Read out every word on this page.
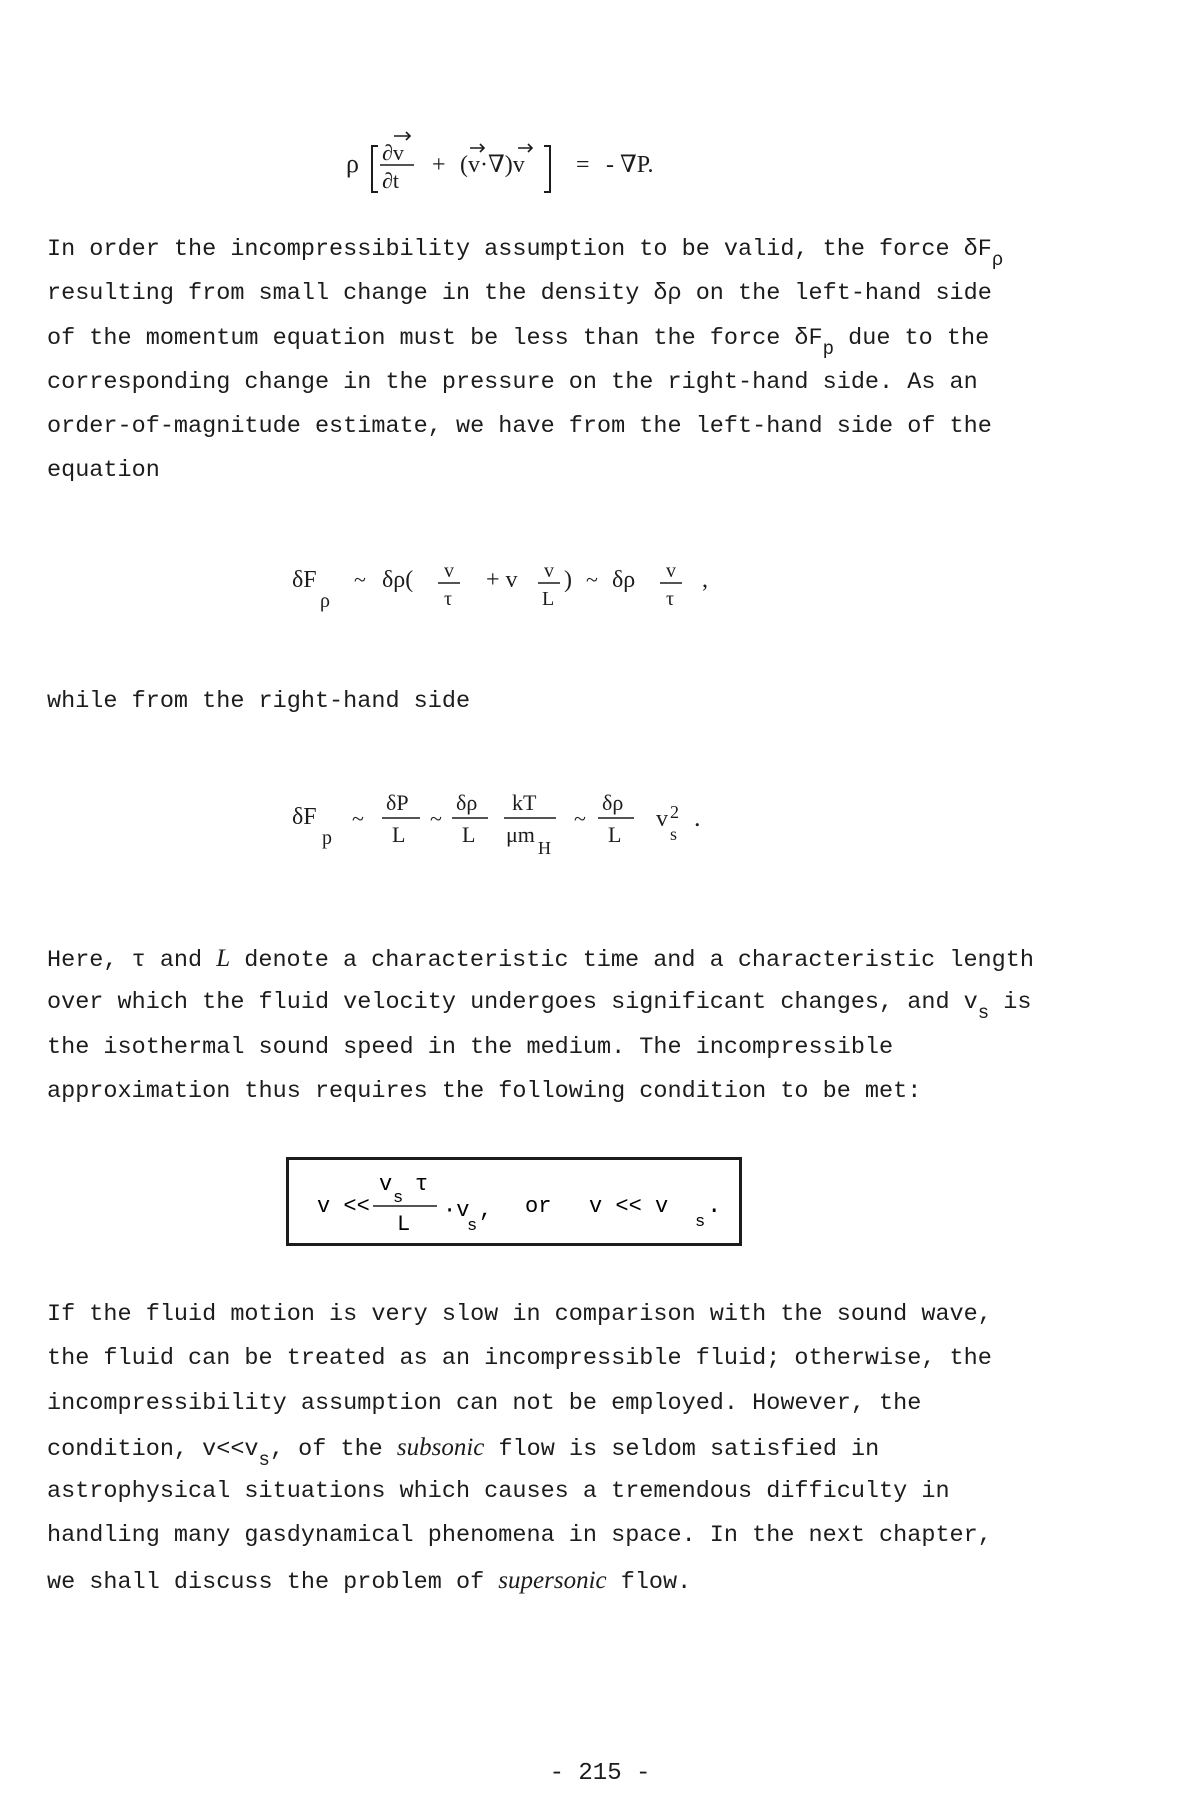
ρ ∂v
∂t
+ (v·∇)v = - ∇P.
In order the incompressibility assumption to be valid, the force $\delta F_\rho$
resulting from small change in the density δρ on the left-hand side
of the momentum equation must be less than the force $\delta F_p$ due to the
corresponding change in the pressure on the right-hand side. As an
order-of-magnitude estimate, we have from the left-hand side of the
equation
δF
ρ
~ δρ( v
τ
+ v v
L
) ~ δρ v
τ
,
while from the right-hand side
δF
p
~
δP
L
~
δρ
L
kT
μm
H
~
δρ
L
v 2
s
.
Here, τ and L denote a characteristic time and a characteristic length
over which the fluid velocity undergoes significant changes, and $v_s$ is
the isothermal sound speed in the medium. The incompressible
approximation thus requires the following condition to be met:
v <<
v
s
τ
L
·v
s
, or v << v
s
.
If the fluid motion is very slow in comparison with the sound wave,
the fluid can be treated as an incompressible fluid; otherwise, the
incompressibility assumption can not be employed. However, the
condition, $v<<v_s$, of the subsonic flow is seldom satisfied in
astrophysical situations which causes a tremendous difficulty in
handling many gasdynamical phenomena in space. In the next chapter,
we shall discuss the problem of supersonic flow.
- 215 -
